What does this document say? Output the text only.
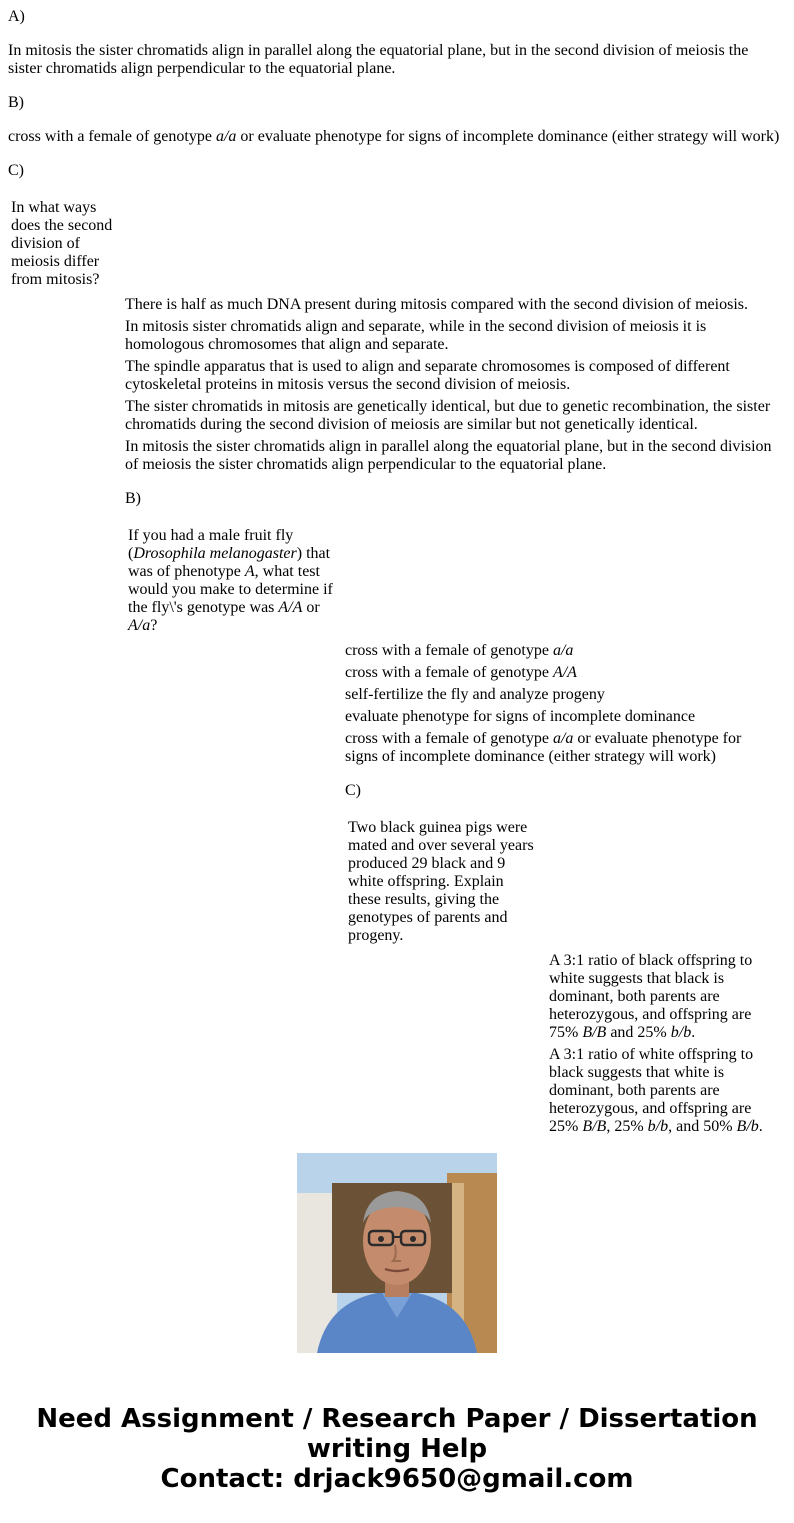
A)

In mitosis the sister chromatids align in parallel along the equatorial plane, but in the second division of meiosis the sister chromatids align perpendicular to the equatorial plane.

B)

cross with a female of genotype a/a or evaluate phenotype for signs of incomplete dominance (either strategy will work)

C)

In what ways does the second division of meiosis differ from mitosis?

There is half as much DNA present during mitosis compared with the second division of meiosis.

In mitosis sister chromatids align and separate, while in the second division of meiosis it is homologous chromosomes that align and separate.

The spindle apparatus that is used to align and separate chromosomes is composed of different cytoskeletal proteins in mitosis versus the second division of meiosis.

The sister chromatids in mitosis are genetically identical, but due to genetic recombination, the sister chromatids during the second division of meiosis are similar but not genetically identical.

In mitosis the sister chromatids align in parallel along the equatorial plane, but in the second division of meiosis the sister chromatids align perpendicular to the equatorial plane.

B)

If you had a male fruit fly (Drosophila melanogaster) that was of phenotype A, what test would you make to determine if the fly\'s genotype was A/A or A/a?

cross with a female of genotype a/a

cross with a female of genotype A/A

self-fertilize the fly and analyze progeny

evaluate phenotype for signs of incomplete dominance

cross with a female of genotype a/a or evaluate phenotype for signs of incomplete dominance (either strategy will work)

C)

Two black guinea pigs were mated and over several years produced 29 black and 9 white offspring. Explain these results, giving the genotypes of parents and progeny.

A 3:1 ratio of black offspring to white suggests that black is dominant, both parents are heterozygous, and offspring are 75% B/B and 25% b/b.

A 3:1 ratio of white offspring to black suggests that white is dominant, both parents are heterozygous, and offspring are 25% B/B, 25% b/b, and 50% B/b.

Need Assignment / Research Paper / Dissertation
writing Help
Contact: drjack9650@gmail.com
